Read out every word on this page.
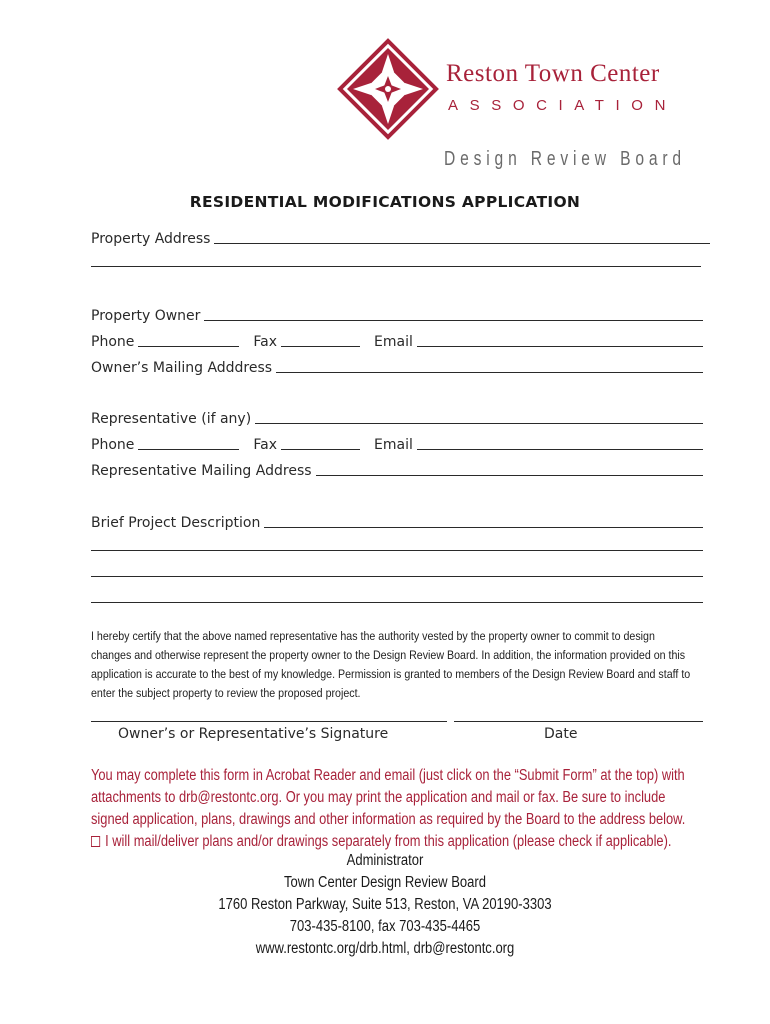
Reston Town Center
ASSOCIATION
Design Review Board
RESIDENTIAL MODIFICATIONS APPLICATION
Property Address
Property Owner
Phone	Fax	Email
Owner’s Mailing Adddress
Representative (if any)
Phone	Fax	Email
Representative Mailing Address
Brief Project Description
I hereby certify that the above named representative has the authority vested by the property owner to commit to design changes and otherwise represent the property owner to the Design Review Board. In addition, the information provided on this application is accurate to the best of my knowledge. Permission is granted to members of the Design Review Board and staff to enter the subject property to review the proposed project.
Owner’s or Representative’s Signature	Date
You may complete this form in Acrobat Reader and email (just click on the “Submit Form” at the top) with attachments to drb@restontc.org. Or you may print the application and mail or fax. Be sure to include signed application, plans, drawings and other information as required by the Board to the address below.
I will mail/deliver plans and/or drawings separately from this application (please check if applicable).
Administrator
Town Center Design Review Board
1760 Reston Parkway, Suite 513, Reston, VA 20190-3303
703-435-8100, fax 703-435-4465
www.restontc.org/drb.html, drb@restontc.org
